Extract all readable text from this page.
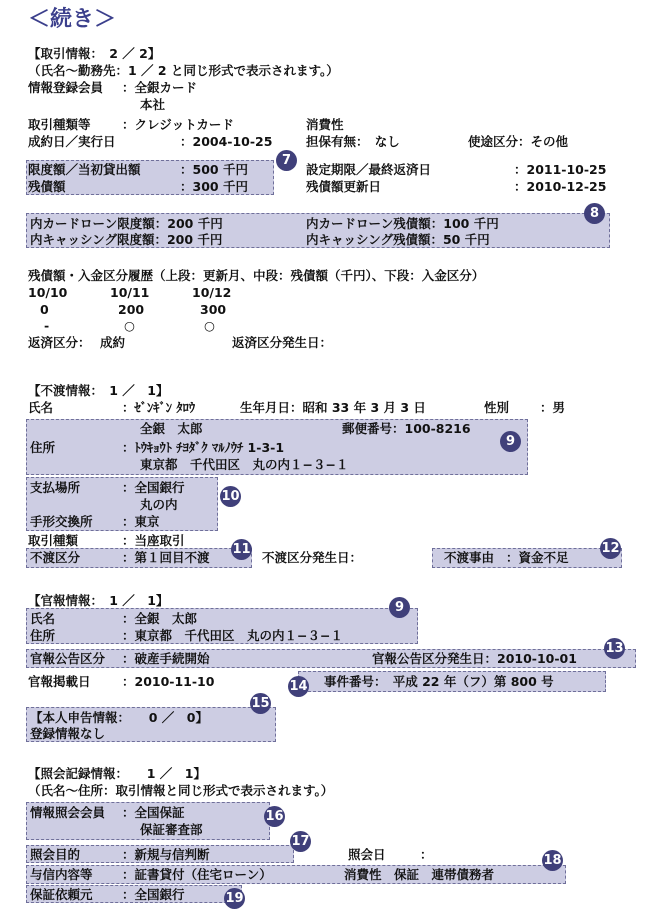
＜続き＞
【取引情報：　2 ／ 2】
（氏名～勤務先：1 ／ 2 と同じ形式で表示されます。）
情報登録会員 ：全銀カード
本社
取引種類等	：クレジットカード	消費性
成約日／実行日	：2004-10-25	担保有無：　なし	使途区分：その他
限度額／当初貸出額	：500 千円	設定期限／最終返済日	：2011-10-25
残債額	：300 千円	残債額更新日	：2010-12-25
内カードローン限度額：200 千円	内カードローン残債額：100 千円
内キャッシング限度額：200 千円	内キャッシング残債額：50 千円
残債額・入金区分履歴（上段：更新月、中段：残債額（千円）、下段：入金区分）
10/10	10/11	10/12
0	200	300
-	○	○
返済区分： 成約	返済区分発生日：
【不渡情報：　1 ／　1】
氏名	：ｾﾞﾝｷﾞﾝ ﾀﾛｳ	生年月日：昭和 33 年 3 月 3 日	性別 ：男
全銀　太郎	郵便番号：100-8216
住所	：ﾄｳｷｮｳﾄ ﾁﾖﾀﾞｸ ﾏﾙﾉｳﾁ 1-3-1
東京都　千代田区　丸の内１−３−１
支払場所	：全国銀行
丸の内
手形交換所 ：東京
取引種類	：当座取引
不渡区分	：第１回目不渡	不渡区分発生日：	不渡事由 ：資金不足
【官報情報：　1 ／　1】
氏名	：全銀　太郎
住所	：東京都　千代田区　丸の内１−３−１
官報公告区分 ：破産手続開始	官報公告区分発生日：2010-10-01
官報掲載日	：2010-11-10	事件番号：　平成 22 年（フ）第 800 号
【本人申告情報：　　0 ／　0】
登録情報なし
【照会記録情報：　　1 ／　1】
（氏名～住所：取引情報と同じ形式で表示されます。）
情報照会会員 ：全国保証
保証審査部
照会目的	：新規与信判断	照会日	：
与信内容等 ：証書貸付（住宅ローン）	消費性　保証　連帯債務者
保証依頼元 ：全国銀行
7
8
9
10
11	12
9
13
14
15
16
17
18
19
